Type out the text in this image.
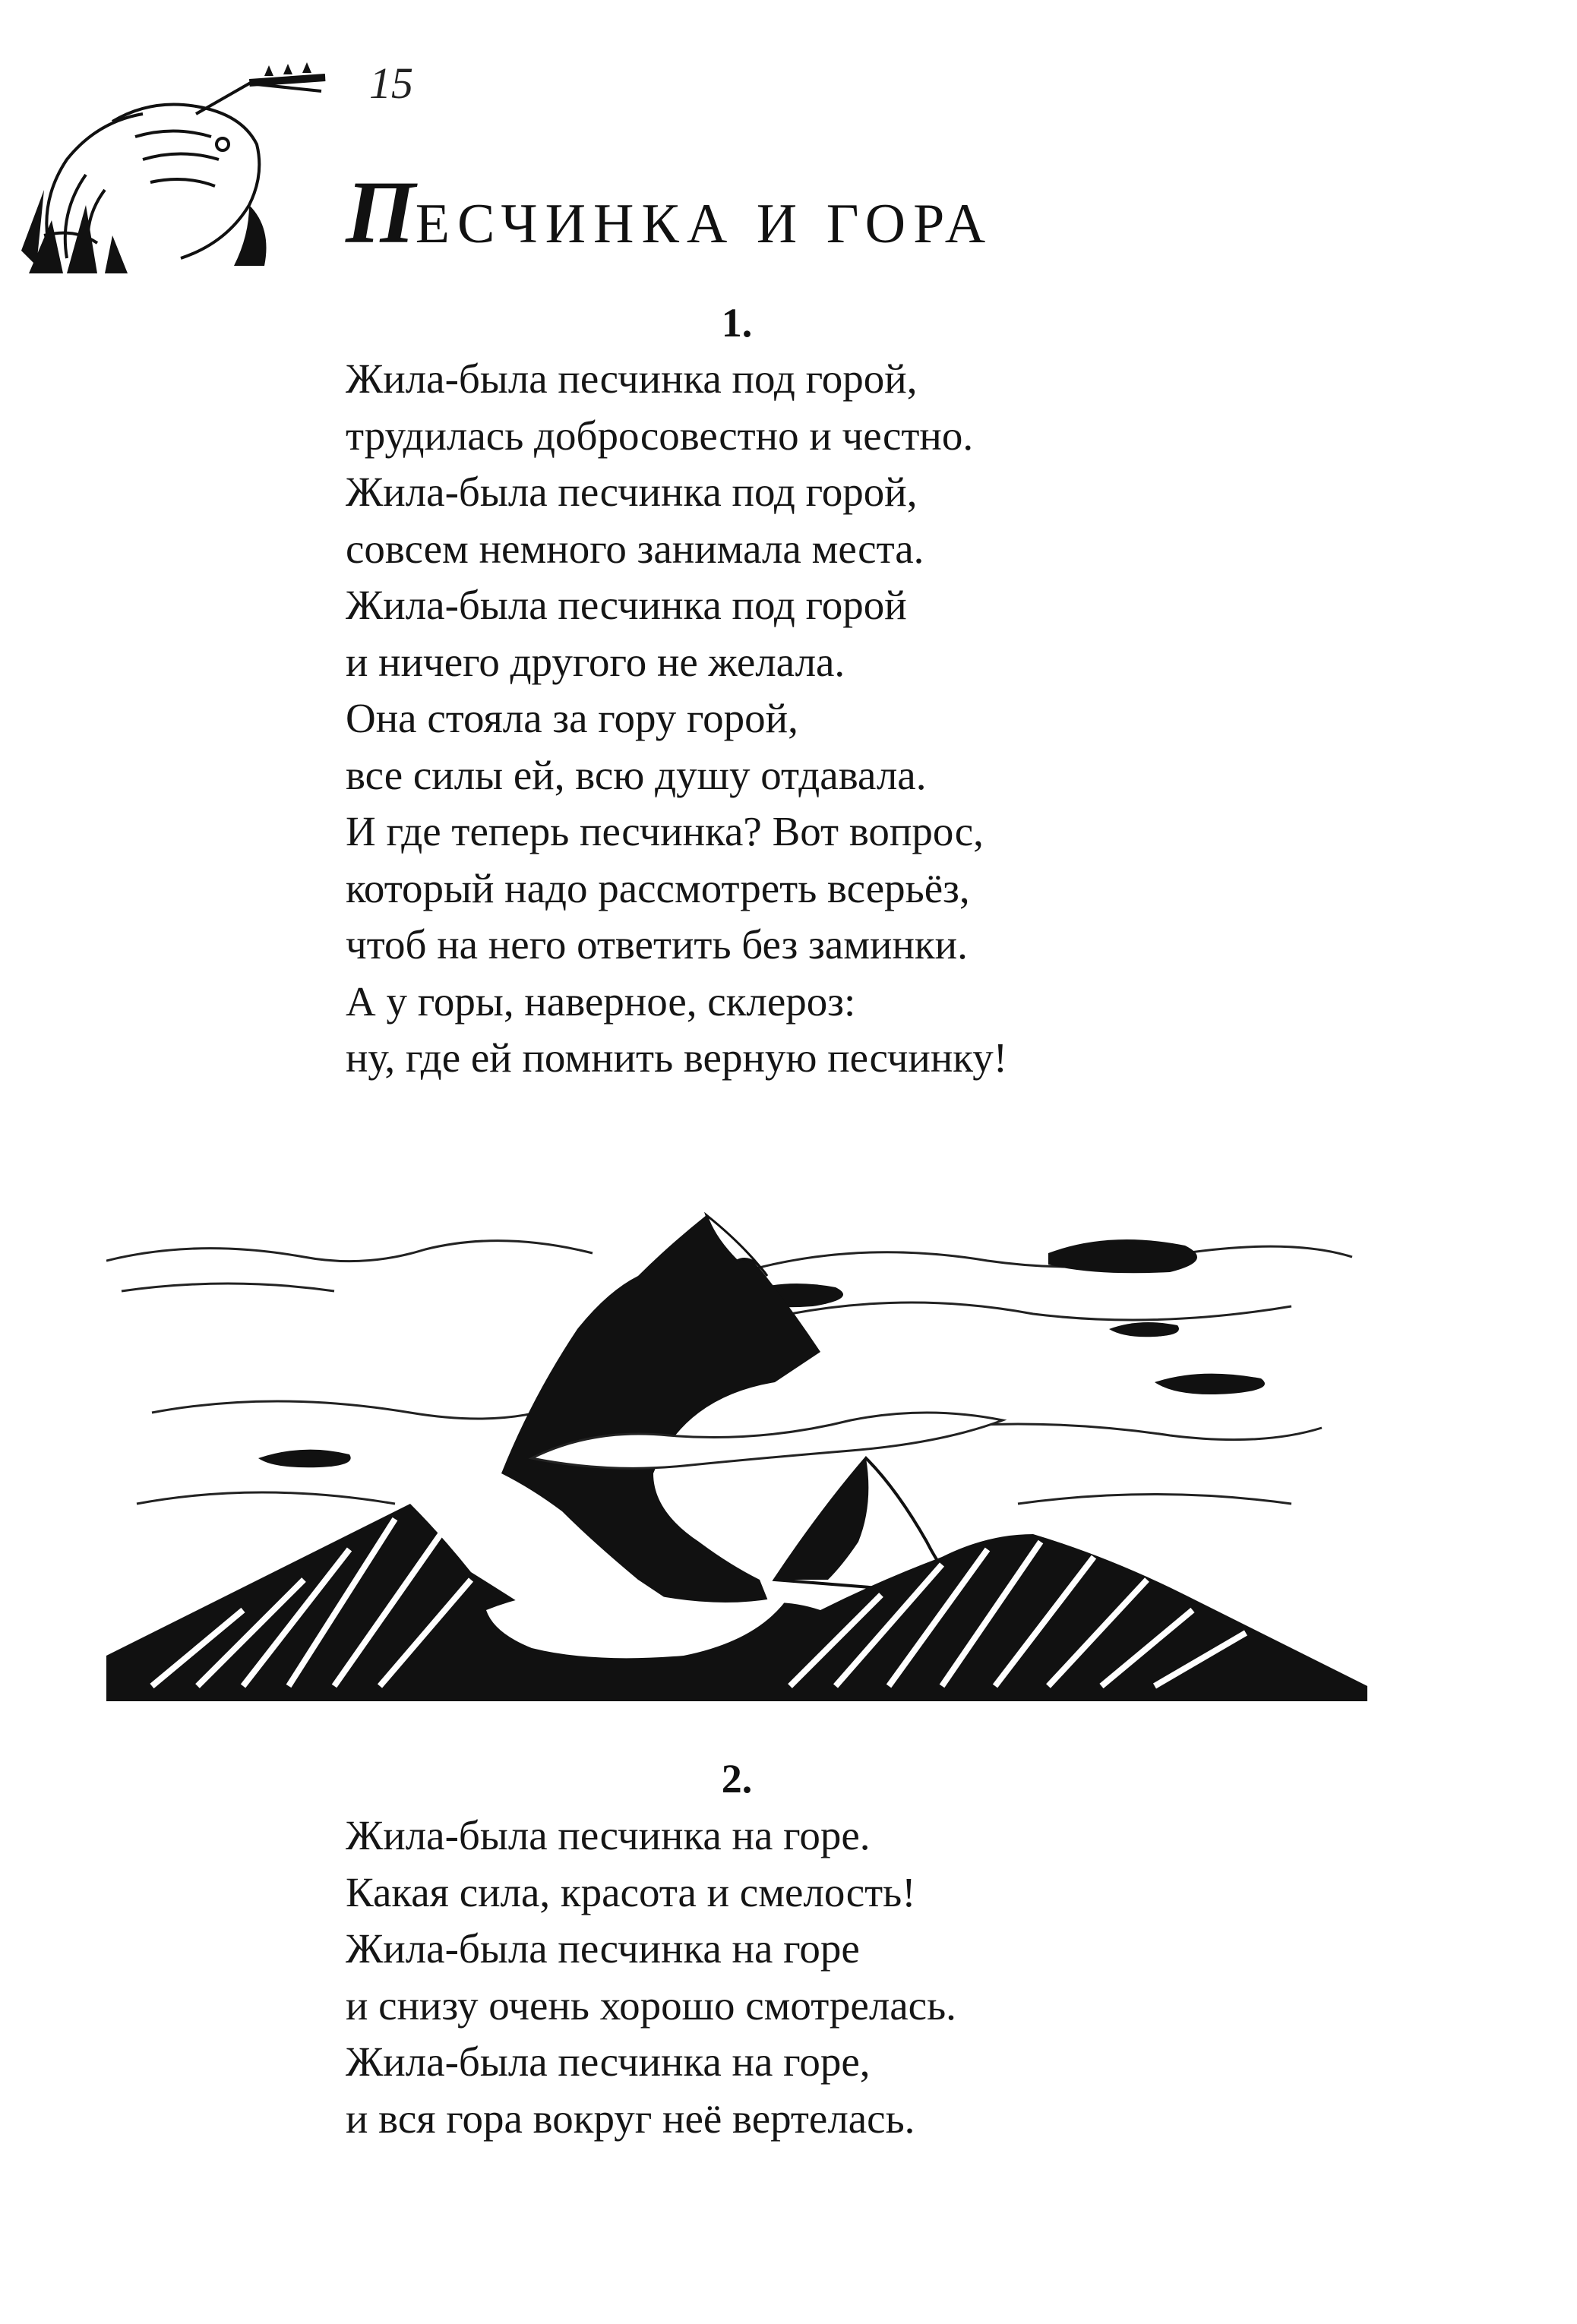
15
ПЕСЧИНКА И ГОРА
1.
Жила-была песчинка под горой,
трудилась добросовестно и честно.
Жила-была песчинка под горой,
совсем немного занимала места.
Жила-была песчинка под горой
и ничего другого не желала.
Она стояла за гору горой,
все силы ей, всю душу отдавала.
И где теперь песчинка? Вот вопрос,
который надо рассмотреть всерьёз,
чтоб на него ответить без заминки.
А у горы, наверное, склероз:
ну, где ей помнить верную песчинку!
2.
Жила-была песчинка на горе.
Какая сила, красота и смелость!
Жила-была песчинка на горе
и снизу очень хорошо смотрелась.
Жила-была песчинка на горе,
и вся гора вокруг неё вертелась.
